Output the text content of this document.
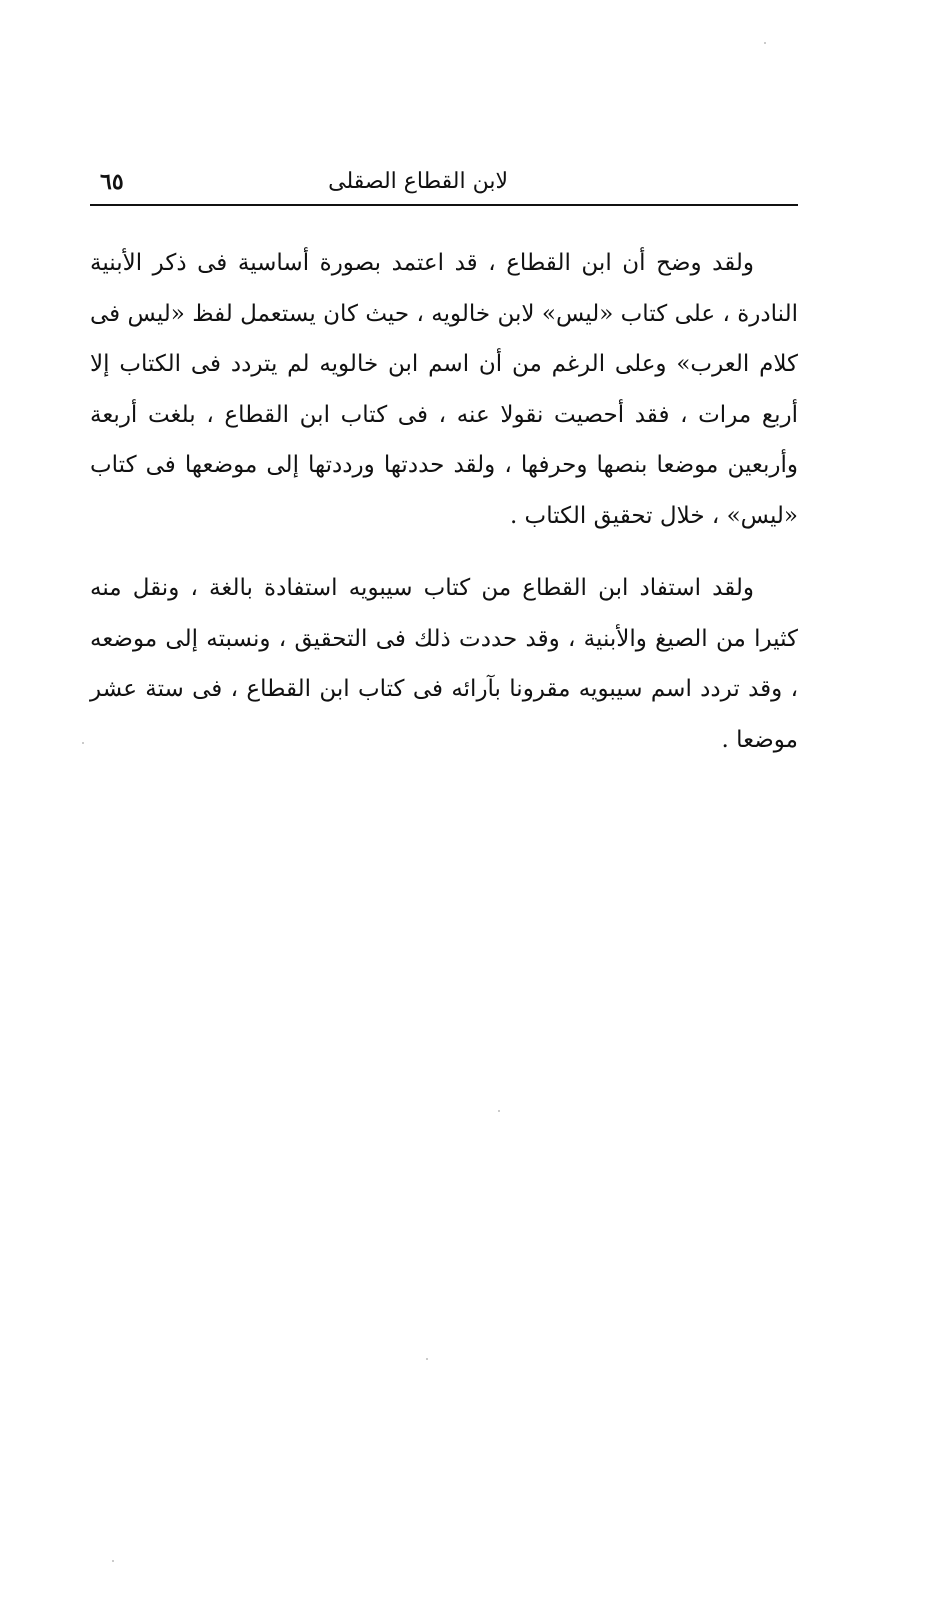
لابن القطاع الصقلى
٦٥

ولقد وضح أن ابن القطاع ، قد اعتمد بصورة أساسية فى ذكر الأبنية النادرة ، على كتاب «ليس» لابن خالويه ، حيث كان يستعمل لفظ «ليس فى كلام العرب» وعلى الرغم من أن اسم ابن خالويه لم يتردد فى الكتاب إلا أربع مرات ، فقد أحصيت نقولا عنه ، فى كتاب ابن القطاع ، بلغت أربعة وأربعين موضعا بنصها وحرفها ، ولقد حددتها ورددتها إلى موضعها فى كتاب «ليس» ، خلال تحقيق الكتاب .

ولقد استفاد ابن القطاع من كتاب سيبويه استفادة بالغة ، ونقل منه كثيرا من الصيغ والأبنية ، وقد حددت ذلك فى التحقيق ، ونسبته إلى موضعه ، وقد تردد اسم سيبويه مقرونا بآرائه فى كتاب ابن القطاع ، فى ستة عشر موضعا .
